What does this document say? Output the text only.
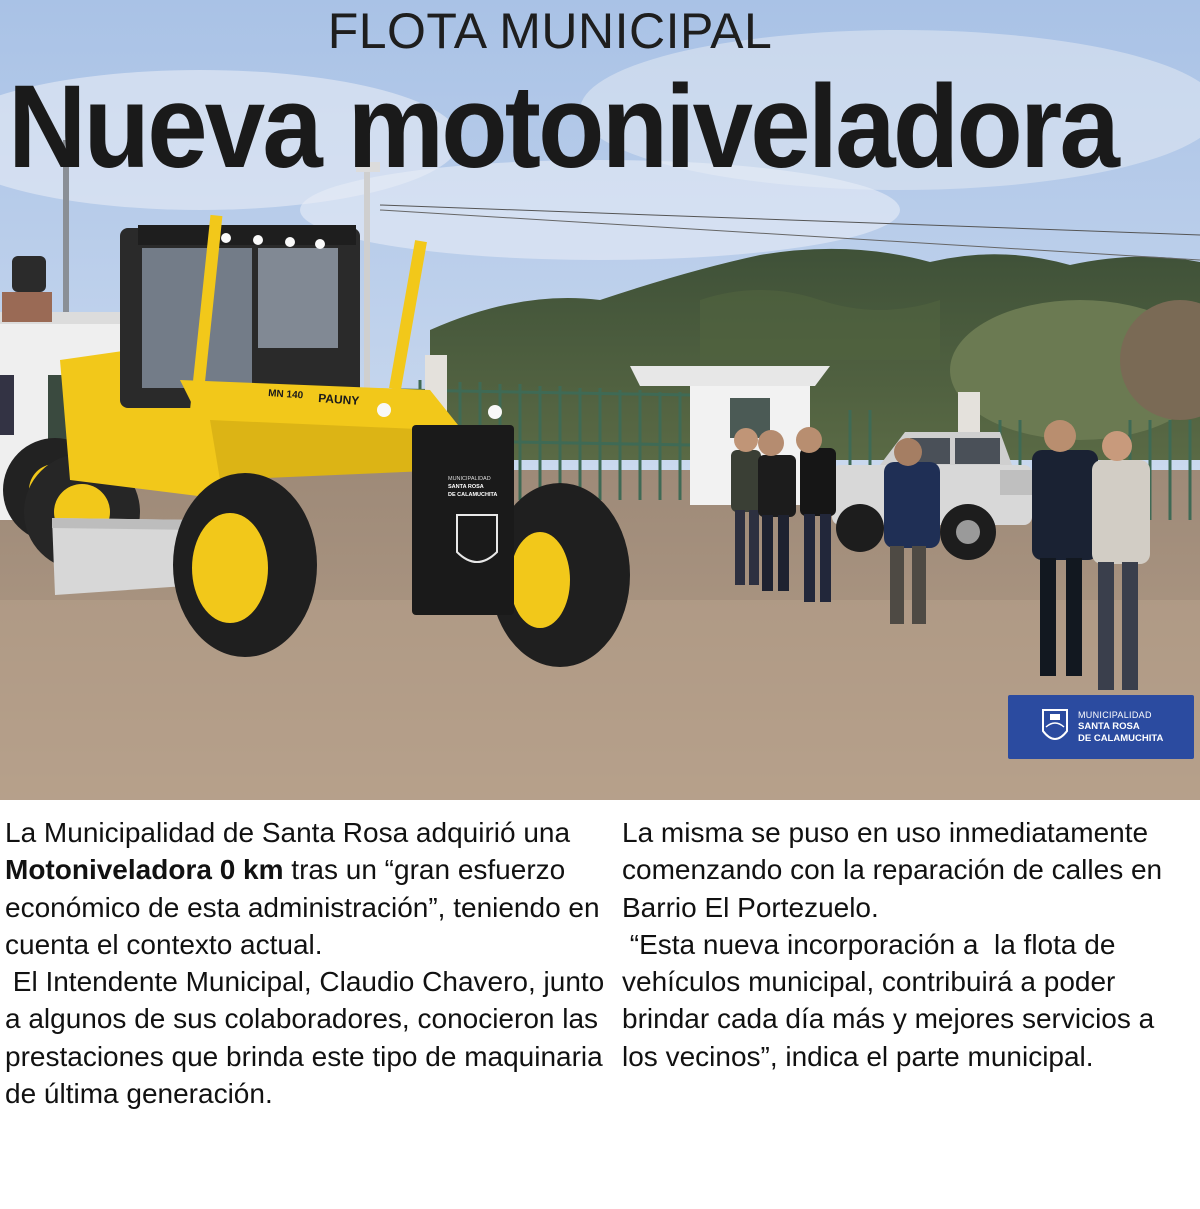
PAUNY
MN 140
MUNICIPALIDAD
SANTA ROSA
DE CALAMUCHITA
FLOTA MUNICIPAL
Nueva motoniveladora
MUNICIPALIDAD
SANTA ROSA
DE CALAMUCHITA

La Municipalidad de Santa Rosa adquirió una Motoniveladora 0 km tras un “gran esfuerzo económico de esta administración”, teniendo en cuenta el contexto actual.

El Intendente Municipal, Claudio Chavero, junto a algunos de sus colaboradores, conocieron las prestaciones que brinda este tipo de maquinaria de última generación.

La misma se puso en uso inmediatamente comenzando con la reparación de calles en Barrio El Portezuelo.

“Esta nueva incorporación a  la flota de vehículos municipal, contribuirá a poder brindar cada día más y mejores servicios a los vecinos”, indica el parte municipal.
